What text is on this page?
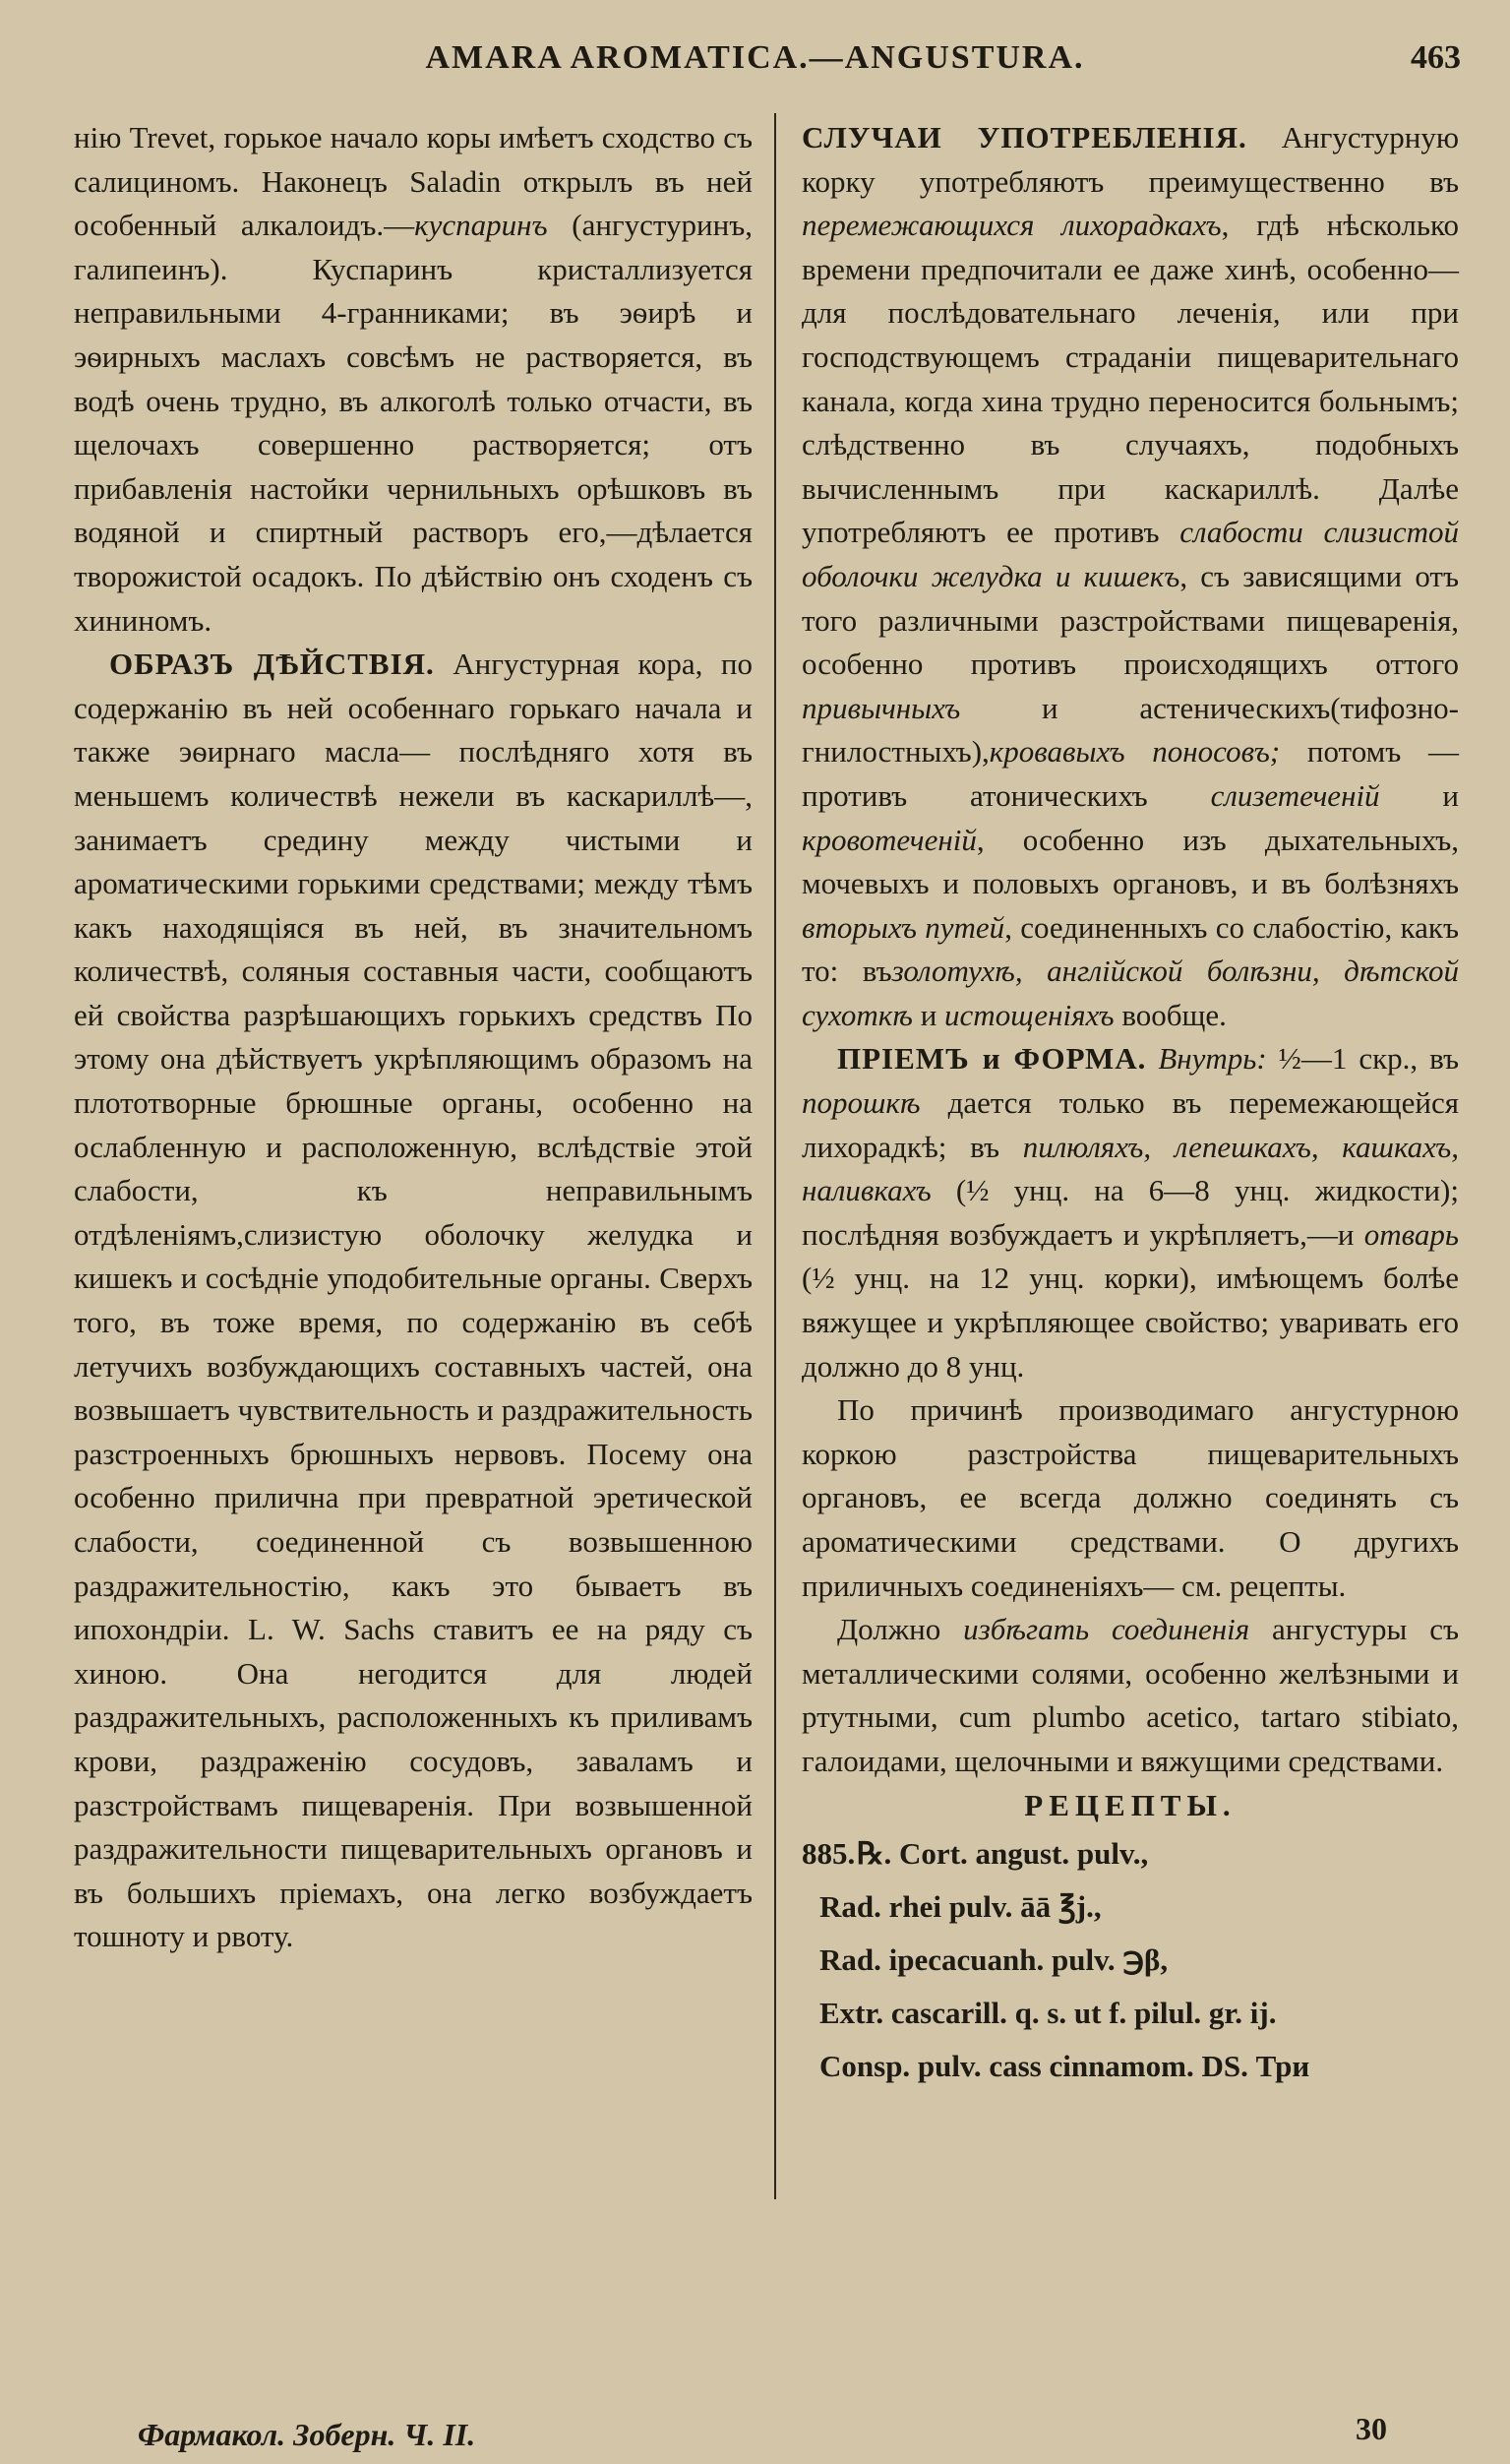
AMARA AROMATICA.—ANGUSTURA.	463

нію Trevet, горькое начало коры имѣетъ сходство съ салициномъ. Наконецъ Saladin открылъ въ ней особенный алкалоидъ.—куспаринъ (ангустуринъ, галипеинъ). Куспаринъ кристаллизуется неправильными 4-гранниками; въ эѳирѣ и эѳирныхъ маслахъ совсѣмъ не растворяется, въ водѣ очень трудно, въ алкоголѣ только отчасти, въ щелочахъ совершенно растворяется; отъ прибавленія настойки чернильныхъ орѣшковъ въ водяной и спиртный растворъ его,—дѣлается творожистой осадокъ. По дѣйствію онъ сходенъ съ хининомъ.

ОБРАЗЪ ДѢЙСТВІЯ. Ангустурная кора, по содержанію въ ней особеннаго горькаго начала и также эѳирнаго масла— послѣдняго хотя въ меньшемъ количествѣ нежели въ каскариллѣ—, занимаетъ средину между чистыми и ароматическими горькими средствами; между тѣмъ какъ находящіяся въ ней, въ значительномъ количествѣ, соляныя составныя части, сообщаютъ ей свойства разрѣшающихъ горькихъ средствъ По этому она дѣйствуетъ укрѣпляющимъ образомъ на плототворные брюшные органы, особенно на ослабленную и расположенную, вслѣдствіе этой слабости, къ неправильнымъ отдѣленіямъ,слизистую оболочку желудка и кишекъ и сосѣдніе уподобительные органы. Сверхъ того, въ тоже время, по содержанію въ себѣ летучихъ возбуждающихъ составныхъ частей, она возвышаетъ чувствительность и раздражительность разстроенныхъ брюшныхъ нервовъ. Посему она особенно прилична при превратной эретической слабости, соединенной съ возвышенною раздражительностію, какъ это бываетъ въ ипохондріи. L. W. Sachs ставитъ ее на ряду съ хиною. Она негодится для людей раздражительныхъ, расположенныхъ къ приливамъ крови, раздраженію сосудовъ, заваламъ и разстройствамъ пищеваренія. При возвышенной раздражительности пищеварительныхъ органовъ и въ большихъ пріемахъ, она легко возбуждаетъ тошноту и рвоту.

СЛУЧАИ УПОТРЕБЛЕНІЯ. Ангустурную корку употребляютъ преимущественно въ перемежающихся лихорадкахъ, гдѣ нѣсколько времени предпочитали ее даже хинѣ, особенно—для послѣдовательнаго леченія, или при господствующемъ страданіи пищеварительнаго канала, когда хина трудно переносится больнымъ; слѣдственно въ случаяхъ, подобныхъ вычисленнымъ при каскариллѣ. Далѣе употребляютъ ее противъ слабости слизистой оболочки желудка и кишекъ, съ зависящими отъ того различными разстройствами пищеваренія, особенно противъ происходящихъ оттого привычныхъ и астеническихъ(тифозно-гнилостныхъ),кровавыхъ поносовъ; потомъ — противъ атоническихъ слизетеченій и кровотеченій, особенно изъ дыхательныхъ, мочевыхъ и половыхъ органовъ, и въ болѣзняхъ вторыхъ путей, соединенныхъ со слабостію, какъ то: възолотухѣ, англійской болѣзни, дѣтской сухоткѣ и истощеніяхъ вообще.

ПРІЕМЪ и ФОРМА. Внутрь: ½—1 скр., въ порошкѣ дается только въ перемежающейся лихорадкѣ; въ пилюляхъ, лепешкахъ, кашкахъ, наливкахъ (½ унц. на 6—8 унц. жидкости); послѣдняя возбуждаетъ и укрѣпляетъ,—и отварь (½ унц. на 12 унц. корки), имѣющемъ болѣе вяжущее и укрѣпляющее свойство; уваривать его должно до 8 унц.

По причинѣ производимаго ангустурною коркою разстройства пищеварительныхъ органовъ, ее всегда должно соединять съ ароматическими средствами. О другихъ приличныхъ соединеніяхъ— см. рецепты.

Должно избѣгать соединенія ангустуры съ металлическими солями, особенно желѣзными и ртутными, cum plumbo acetico, tartaro stibiato, галоидами, щелочными и вяжущими средствами.

РЕЦЕПТЫ.

885. ℞. Cort. angust. pulv.,
Rad. rhei pulv. āā ℥j.,
Rad. ipecacuanh. pulv. ℈β,
Extr. cascarill. q. s. ut f. pilul. gr. ij.
Consp. pulv. cass cinnamom. DS. Три
Фармакол. Зоберн. Ч. II.	30
